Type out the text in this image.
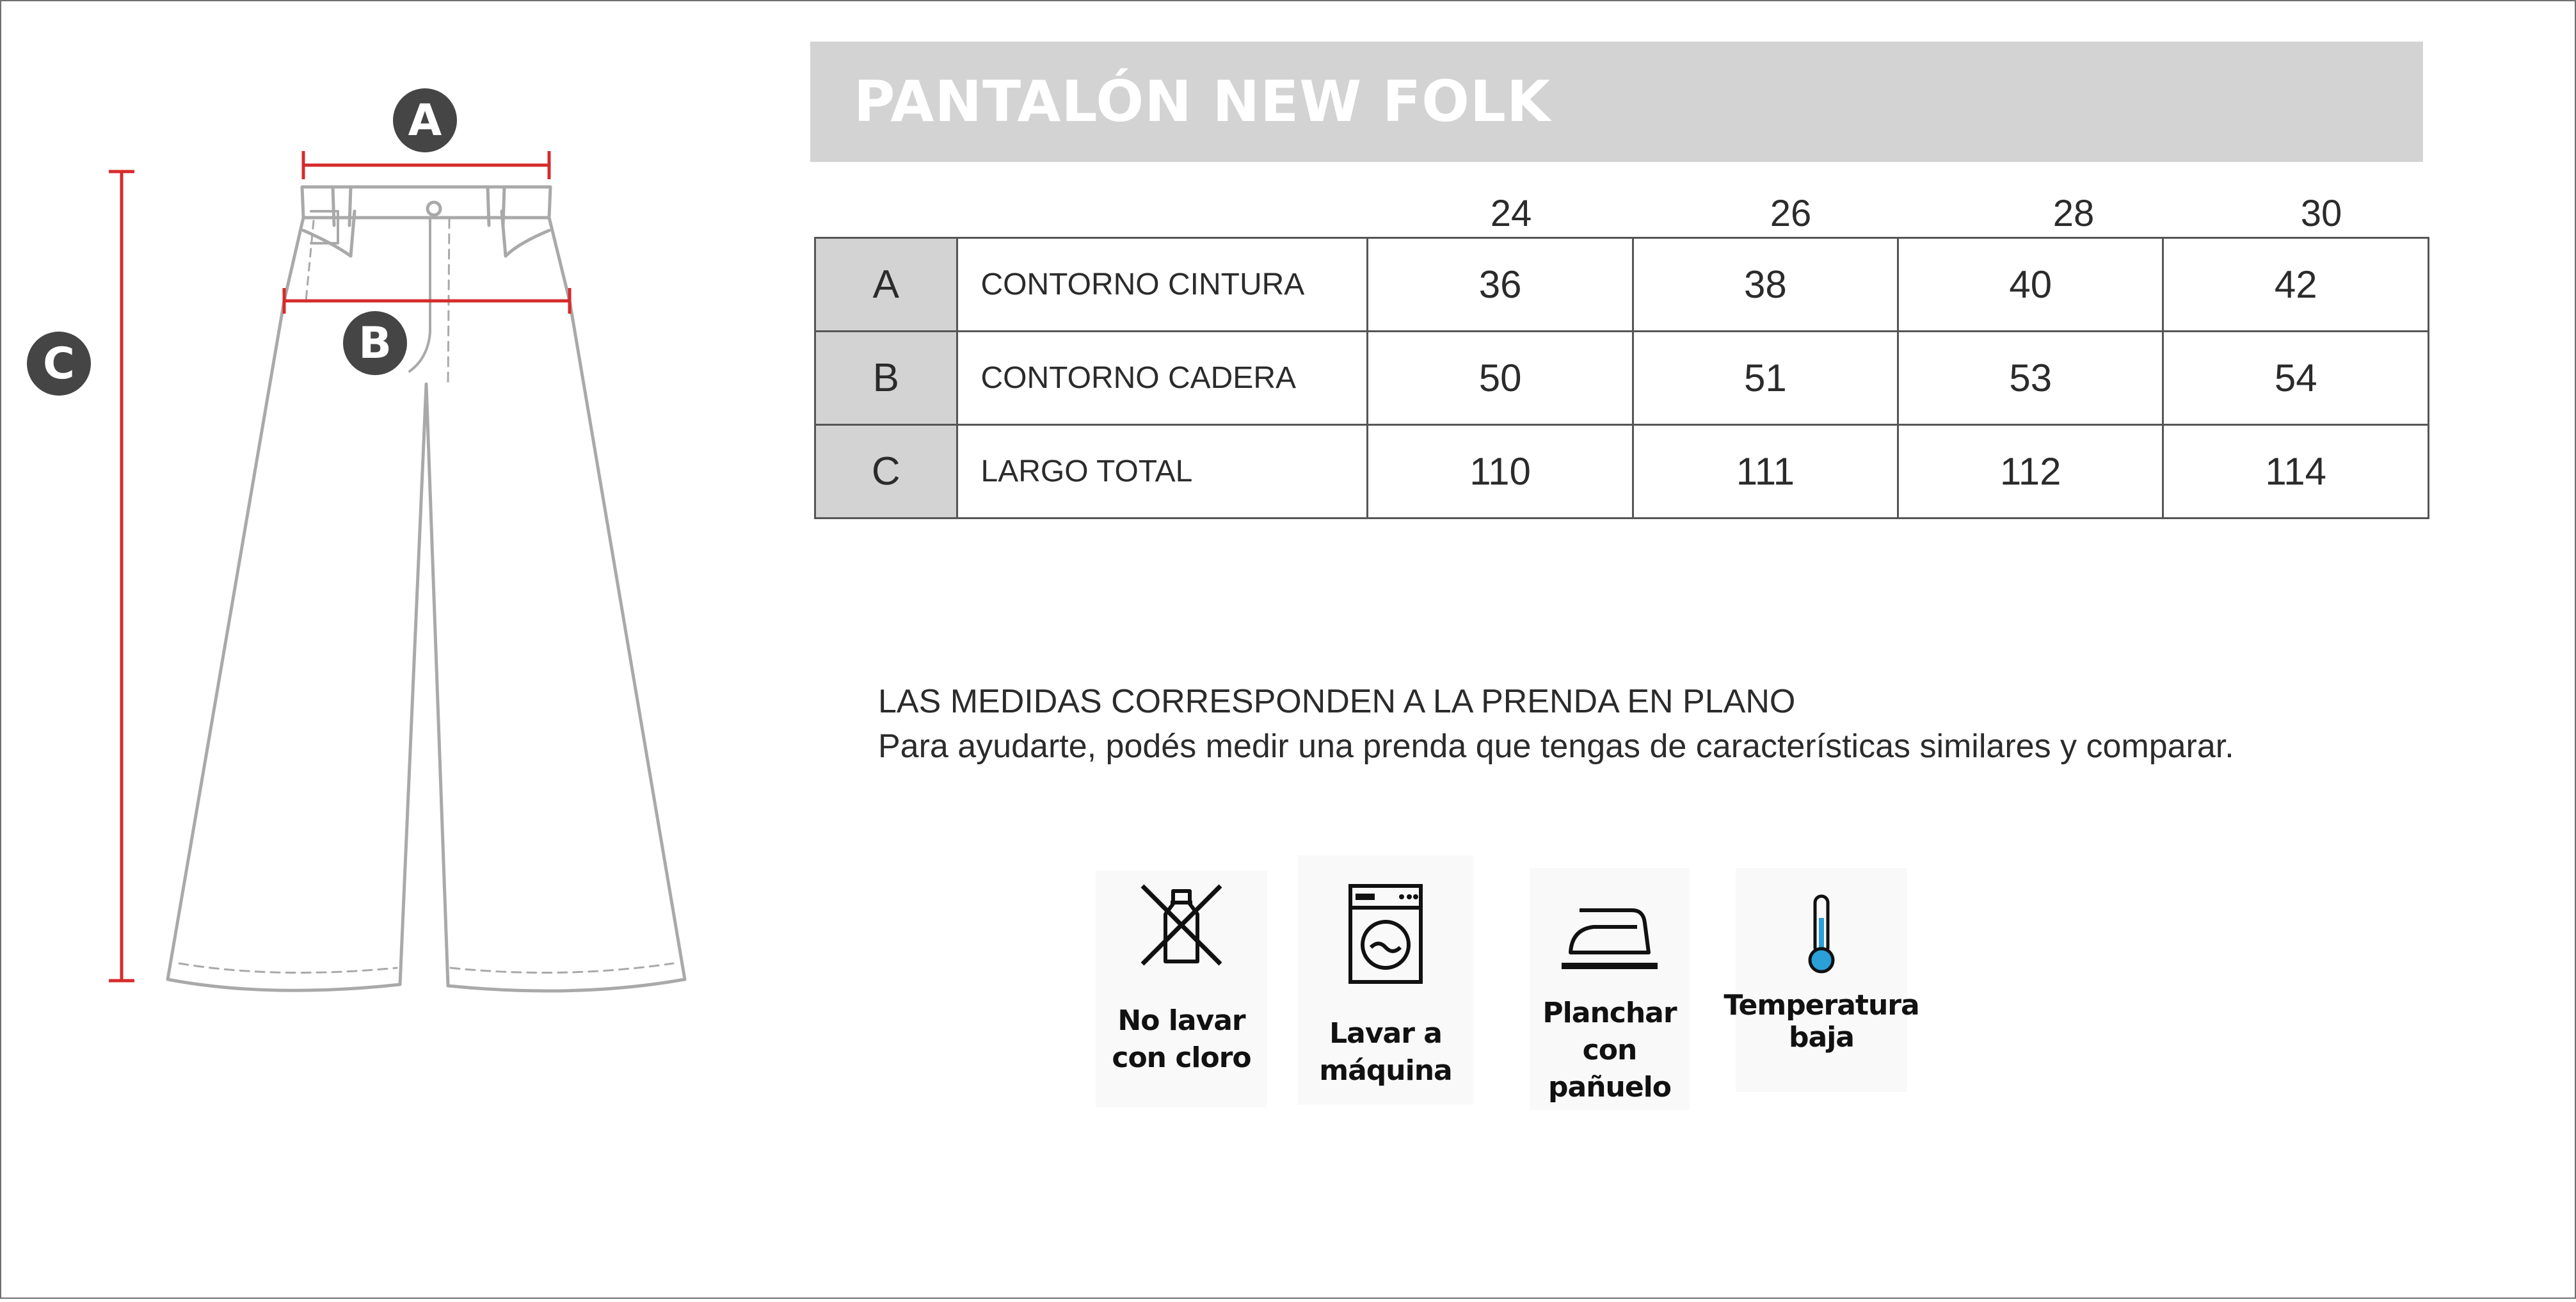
A
B
C
PANTALÓN NEW FOLK
24	26	28	30
A	CONTORNO CINTURA	36	38	40	42
B	CONTORNO CADERA	50	51	53	54
C	LARGO TOTAL	110	111	112	114
LAS MEDIDAS CORRESPONDEN A LA PRENDA EN PLANO
Para ayudarte, podés medir una prenda que tengas de características similares y comparar.
No lavar
con cloro
Lavar a
máquina
Planchar
con pañuelo
Temperatura
baja
